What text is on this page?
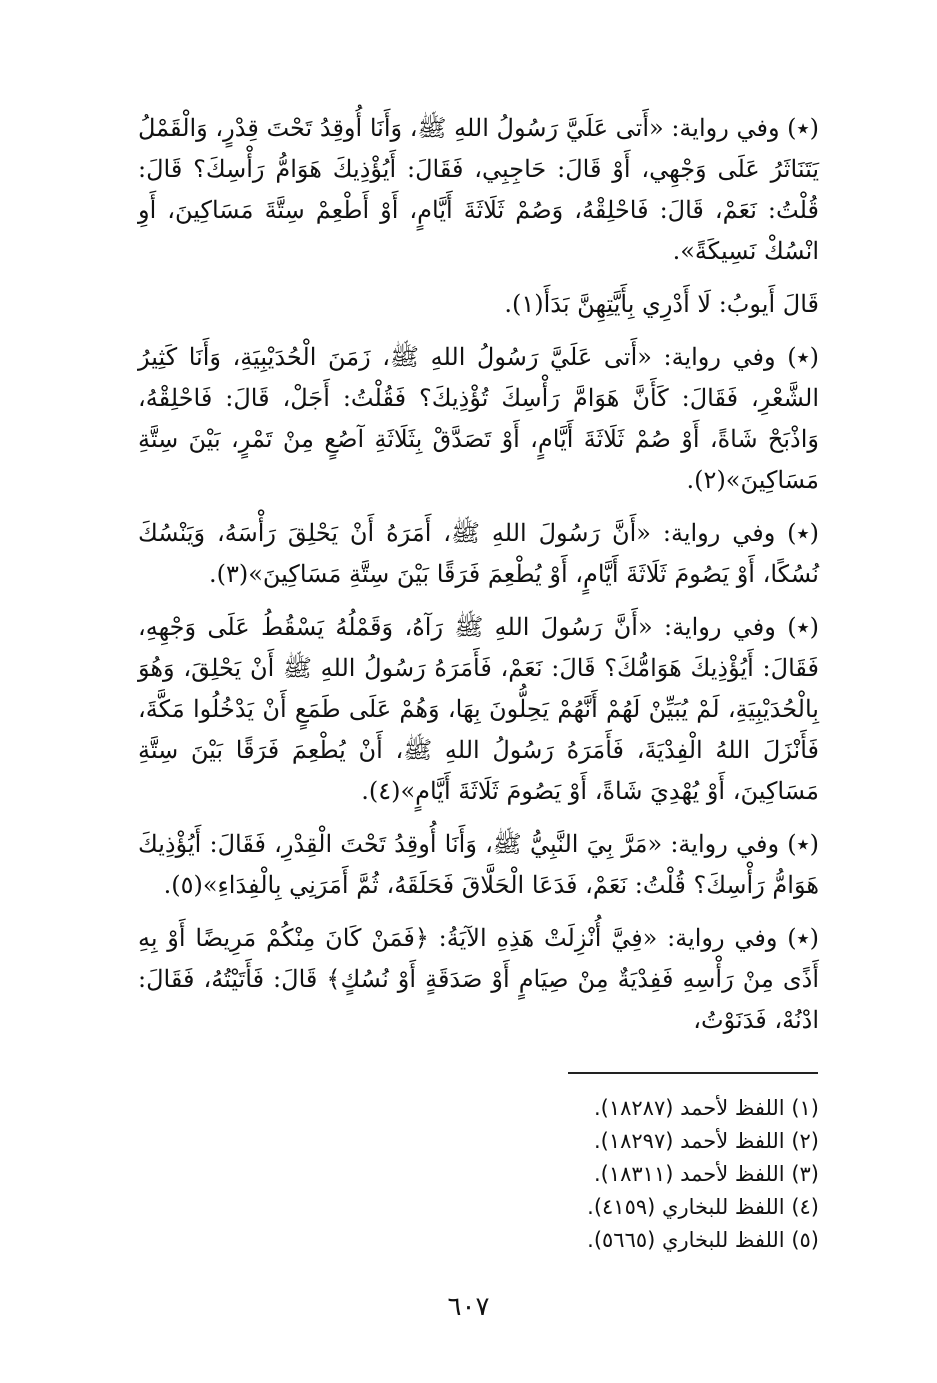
(٭) وفي رواية: «أَتى عَلَيَّ رَسُولُ اللهِ ﷺ، وَأَنَا أُوقِدُ تَحْتَ قِدْرٍ، وَالْقَمْلُ يَتَنَاثَرُ عَلَى وَجْهِي، أَوْ قَالَ: حَاجِبِي، فَقَالَ: أَيُؤْذِيكَ هَوَامُّ رَأْسِكَ؟ قَالَ: قُلْتُ: نَعَمْ، قَالَ: فَاحْلِقْهُ، وَصُمْ ثَلَاثَةَ أَيَّامٍ، أَوْ أَطْعِمْ سِتَّةَ مَسَاكِينَ، أَوِ انْسُكْ نَسِيكَةً».

قَالَ أَيوبُ: لَا أَدْرِي بِأَيَّتِهِنَّ بَدَأَ(١).

(٭) وفي رواية: «أَتى عَلَيَّ رَسُولُ اللهِ ﷺ، زَمَنَ الْحُدَيْبِيَةِ، وَأَنَا كَثِيرُ الشَّعْرِ، فَقَالَ: كَأَنَّ هَوَامَّ رَأْسِكَ تُؤْذِيكَ؟ فَقُلْتُ: أَجَلْ، قَالَ: فَاحْلِقْهُ، وَاذْبَحْ شَاةً، أَوْ صُمْ ثَلَاثَةَ أَيَّامٍ، أَوْ تَصَدَّقْ بِثَلَاثَةِ آصُعٍ مِنْ تَمْرٍ، بَيْنَ سِتَّةِ مَسَاكِينَ»(٢).

(٭) وفي رواية: «أَنَّ رَسُولَ اللهِ ﷺ، أَمَرَهُ أَنْ يَحْلِقَ رَأْسَهُ، وَيَنْسُكَ نُسُكًا، أَوْ يَصُومَ ثَلَاثَةَ أَيَّامٍ، أَوْ يُطْعِمَ فَرَقًا بَيْنَ سِتَّةِ مَسَاكِينَ»(٣).

(٭) وفي رواية: «أَنَّ رَسُولَ اللهِ ﷺ رَآهُ، وَقَمْلُهُ يَسْقُطُ عَلَى وَجْهِهِ، فَقَالَ: أَيُؤْذِيكَ هَوَامُّكَ؟ قَالَ: نَعَمْ، فَأَمَرَهُ رَسُولُ اللهِ ﷺ أَنْ يَحْلِقَ، وَهُوَ بِالْحُدَيْبِيَةِ، لَمْ يُبَيِّنْ لَهُمْ أَنَّهُمْ يَحِلُّونَ بِهَا، وَهُمْ عَلَى طَمَعٍ أَنْ يَدْخُلُوا مَكَّةَ، فَأَنْزَلَ اللهُ الْفِدْيَةَ، فَأَمَرَهُ رَسُولُ اللهِ ﷺ، أَنْ يُطْعِمَ فَرَقًا بَيْنَ سِتَّةِ مَسَاكِينَ، أَوْ يُهْدِيَ شَاةً، أَوْ يَصُومَ ثَلَاثَةَ أَيَّامٍ»(٤).

(٭) وفي رواية: «مَرَّ بِيَ النَّبِيُّ ﷺ، وَأَنَا أُوقِدُ تَحْتَ الْقِدْرِ، فَقَالَ: أَيُؤْذِيكَ هَوَامُّ رَأْسِكَ؟ قُلْتُ: نَعَمْ، فَدَعَا الْحَلَّاقَ فَحَلَقَهُ، ثُمَّ أَمَرَنِي بِالْفِدَاءِ»(٥).

(٭) وفي رواية: «فِيَّ أُنْزِلَتْ هَذِهِ الآيَةُ: ﴿فَمَنْ كَانَ مِنْكُمْ مَرِيضًا أَوْ بِهِ أَذًى مِنْ رَأْسِهِ فَفِدْيَةٌ مِنْ صِيَامٍ أَوْ صَدَقَةٍ أَوْ نُسُكٍ﴾ قَالَ: فَأَتَيْتُهُ، فَقَالَ: ادْنُهْ، فَدَنَوْتُ،

(١) اللفظ لأحمد (١٨٢٨٧).

(٢) اللفظ لأحمد (١٨٢٩٧).

(٣) اللفظ لأحمد (١٨٣١١).

(٤) اللفظ للبخاري (٤١٥٩).

(٥) اللفظ للبخاري (٥٦٦٥).

٦٠٧
